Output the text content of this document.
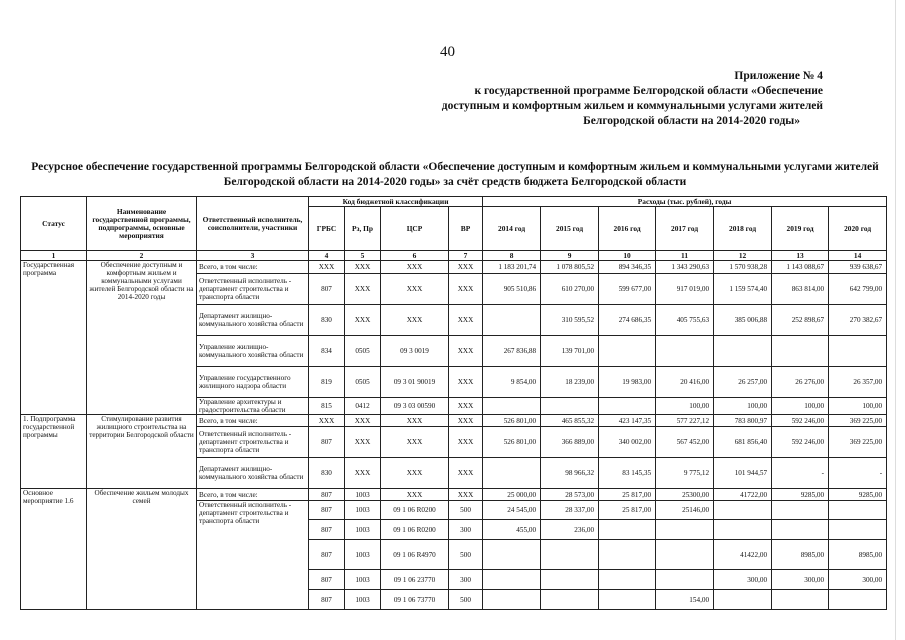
40
Приложение № 4
к государственной программе Белгородской области «Обеспечение
доступным и комфортным жильем и коммунальными услугами жителей
Белгородской области на 2014-2020 годы»
Ресурсное обеспечение государственной программы Белгородской области «Обеспечение доступным и комфортным жильем и коммунальными услугами жителей
Белгородской области на 2014-2020 годы» за счёт средств бюджета Белгородской области
Статус	Наименование государственной программы, подпрограммы, основные мероприятия	Ответственный исполнитель, соисполнители, участники	Код бюджетной классификации				Расходы (тыс. рублей), годы						
			ГРБС	Рз, Пр	ЦСР	ВР	2014 год	2015 год	2016 год	2017 год	2018 год	2019 год	2020 год
1	2	3	4	5	6	7	8	9	10	11	12	13	14
Государственная программа	Обеспечение доступным и комфортным жильем и коммунальными услугами жителей Белгородской области на 2014-2020 годы	Всего, в том числе:	ХХХ	ХХХ	ХХХ	ХХХ	1 183 201,74	1 078 805,52	894 346,35	1 343 290,63	1 570 938,28	1 143 088,67	939 638,67
		Ответственный исполнитель - департамент строительства и транспорта области	807	ХХХ	ХХХ	ХХХ	905 510,86	610 270,00	599 677,00	917 019,00	1 159 574,40	863 814,00	642 799,00
		Департамент жилищно-коммунального хозяйства области	830	ХХХ	ХХХ	ХХХ		310 595,52	274 686,35	405 755,63	385 006,88	252 898,67	270 382,67
		Управление жилищно-коммунального хозяйства области	834	0505	09 3 0019	ХХХ	267 836,88	139 701,00					
		Управление государственного жилищного надзора области	819	0505	09 3 01 90019	ХХХ	9 854,00	18 239,00	19 983,00	20 416,00	26 257,00	26 276,00	26 357,00
		Управление архитектуры и градостроительства области	815	0412	09 3 03 00590	ХХХ				100,00	100,00	100,00	100,00
1. Подпрограмма государственной программы	Стимулирование развития жилищного строительства на территории Белгородской области	Всего, в том числе:	ХХХ	ХХХ	ХХХ	ХХХ	526 801,00	465 855,32	423 147,35	577 227,12	783 800,97	592 246,00	369 225,00
		Ответственный исполнитель - департамент строительства и транспорта области	807	ХХХ	ХХХ	ХХХ	526 801,00	366 889,00	340 002,00	567 452,00	681 856,40	592 246,00	369 225,00
		Департамент жилищно-коммунального хозяйства области	830	ХХХ	ХХХ	ХХХ		98 966,32	83 145,35	9 775,12	101 944,57	-	-
Основное мероприятие 1.6	Обеспечение жильем молодых семей	Всего, в том числе:	807	1003	ХХХ	ХХХ	25 000,00	28 573,00	25 817,00	25300,00	41722,00	9285,00	9285,00
		Ответственный исполнитель - департамент строительства и транспорта области	807	1003	09 1 06 R0200	500	24 545,00	28 337,00	25 817,00	25146,00			
			807	1003	09 1 06 R0200	300	455,00	236,00					
			807	1003	09 1 06 R4970	500					41422,00	8985,00	8985,00
			807	1003	09 1 06 23770	300					300,00	300,00	300,00
			807	1003	09 1 06 73770	500				154,00			
